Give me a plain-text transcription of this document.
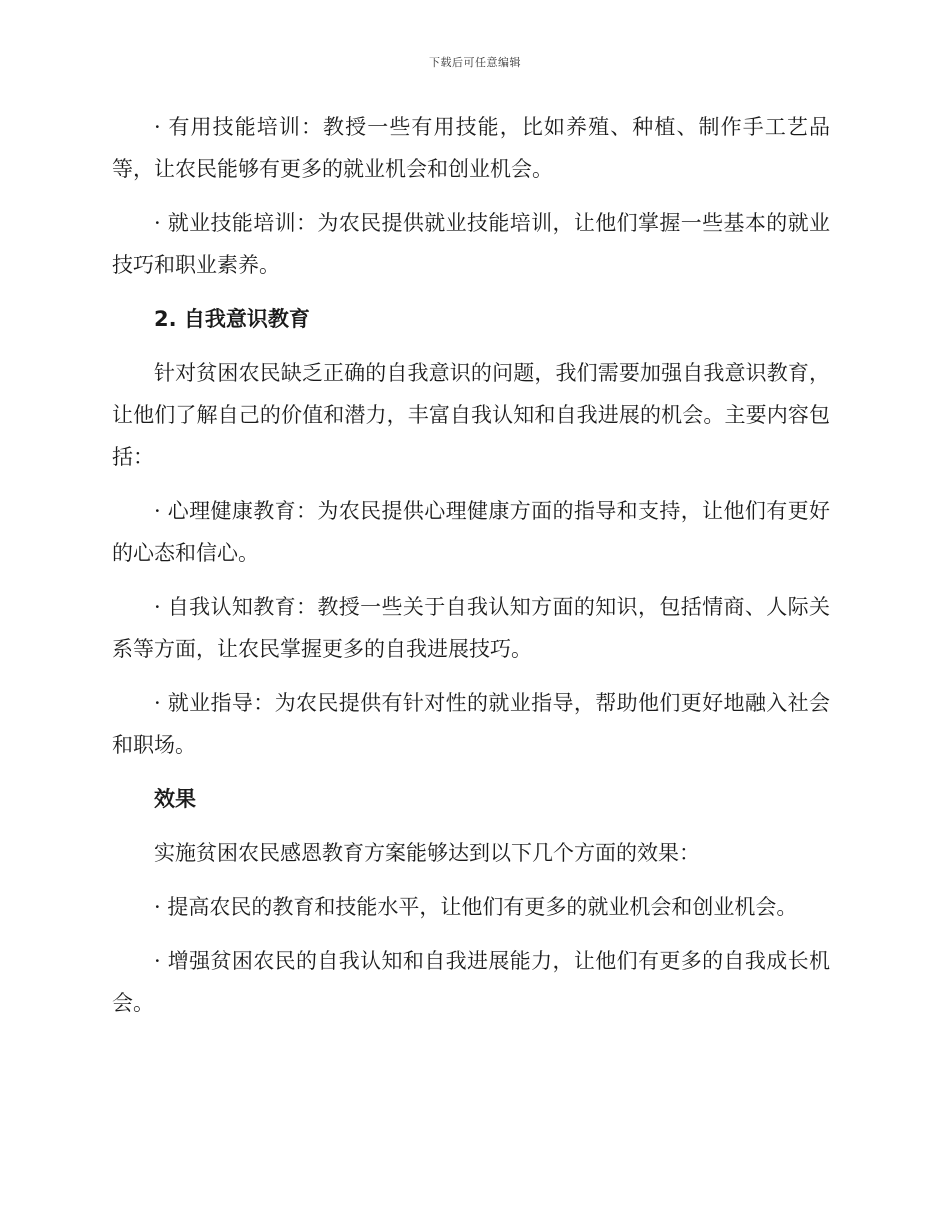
下载后可任意编辑

· 有用技能培训：教授一些有用技能，比如养殖、种植、制作手工艺品等，让农民能够有更多的就业机会和创业机会。

· 就业技能培训：为农民提供就业技能培训，让他们掌握一些基本的就业技巧和职业素养。

2. 自我意识教育

针对贫困农民缺乏正确的自我意识的问题，我们需要加强自我意识教育，让他们了解自己的价值和潜力，丰富自我认知和自我进展的机会。主要内容包括：

· 心理健康教育：为农民提供心理健康方面的指导和支持，让他们有更好的心态和信心。

· 自我认知教育：教授一些关于自我认知方面的知识，包括情商、人际关系等方面，让农民掌握更多的自我进展技巧。

· 就业指导：为农民提供有针对性的就业指导，帮助他们更好地融入社会和职场。

效果

实施贫困农民感恩教育方案能够达到以下几个方面的效果：

· 提高农民的教育和技能水平，让他们有更多的就业机会和创业机会。

· 增强贫困农民的自我认知和自我进展能力，让他们有更多的自我成长机会。
